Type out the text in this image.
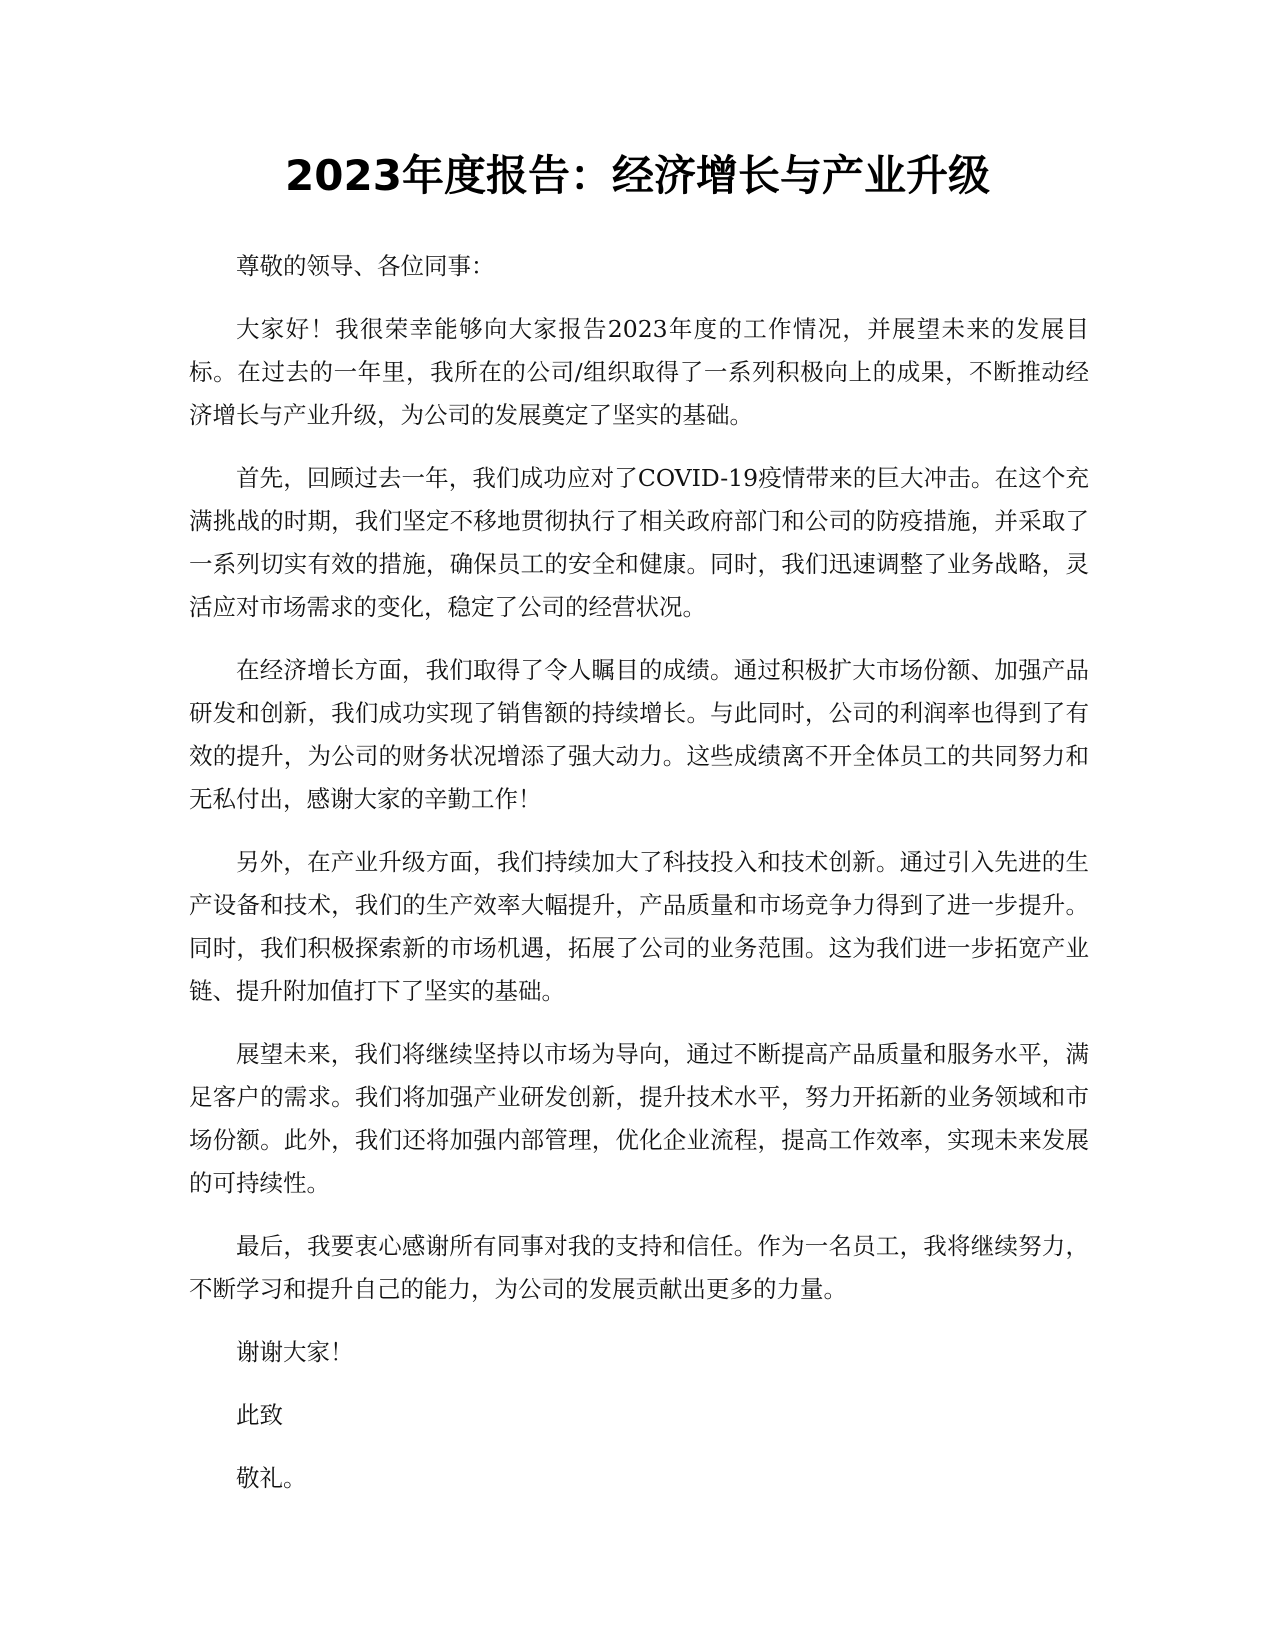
2023年度报告：经济增长与产业升级

尊敬的领导、各位同事：

大家好！我很荣幸能够向大家报告2023年度的工作情况，并展望未来的发展目标。在过去的一年里，我所在的公司/组织取得了一系列积极向上的成果，不断推动经济增长与产业升级，为公司的发展奠定了坚实的基础。

首先，回顾过去一年，我们成功应对了COVID-19疫情带来的巨大冲击。在这个充满挑战的时期，我们坚定不移地贯彻执行了相关政府部门和公司的防疫措施，并采取了一系列切实有效的措施，确保员工的安全和健康。同时，我们迅速调整了业务战略，灵活应对市场需求的变化，稳定了公司的经营状况。

在经济增长方面，我们取得了令人瞩目的成绩。通过积极扩大市场份额、加强产品研发和创新，我们成功实现了销售额的持续增长。与此同时，公司的利润率也得到了有效的提升，为公司的财务状况增添了强大动力。这些成绩离不开全体员工的共同努力和无私付出，感谢大家的辛勤工作！

另外，在产业升级方面，我们持续加大了科技投入和技术创新。通过引入先进的生产设备和技术，我们的生产效率大幅提升，产品质量和市场竞争力得到了进一步提升。同时，我们积极探索新的市场机遇，拓展了公司的业务范围。这为我们进一步拓宽产业链、提升附加值打下了坚实的基础。

展望未来，我们将继续坚持以市场为导向，通过不断提高产品质量和服务水平，满足客户的需求。我们将加强产业研发创新，提升技术水平，努力开拓新的业务领域和市场份额。此外，我们还将加强内部管理，优化企业流程，提高工作效率，实现未来发展的可持续性。

最后，我要衷心感谢所有同事对我的支持和信任。作为一名员工，我将继续努力，不断学习和提升自己的能力，为公司的发展贡献出更多的力量。

谢谢大家！

此致

敬礼。
